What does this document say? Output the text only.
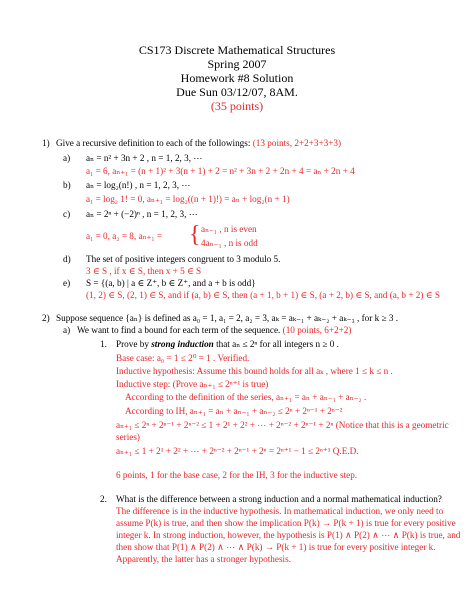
CS173 Discrete Mathematical Structures
Spring 2007
Homework #8 Solution
Due Sun 03/12/07, 8AM.
(35 points)
1) Give a recursive definition to each of the followings: (13 points, 2+2+3+3+3)
a) aₙ = n² + 3n + 2 , n = 1, 2, 3, ⋯
a₁ = 6, aₙ₊₁ = (n + 1)² + 3(n + 1) + 2 = n² + 3n + 2 + 2n + 4 = aₙ + 2n + 4
b) aₙ = log₂(n!) , n = 1, 2, 3, ⋯
a₁ = log₂ 1! = 0, aₙ₊₁ = log₂((n + 1)!) = aₙ + log₂(n + 1)
c) aₙ = 2ⁿ + (−2)ⁿ , n = 1, 2, 3, ⋯
a₁ = 0, a₂ = 8, aₙ₊₁ = { aₙ₋₁ , n is even
4aₙ₋₁ , n is odd
d) The set of positive integers congruent to 3 modulo 5.
3 ∈ S , if x ∈ S, then x + 5 ∈ S
e) S = {(a, b) | a ∈ Z⁺, b ∈ Z⁺, and a + b is odd}
(1, 2) ∈ S, (2, 1) ∈ S, and if (a, b) ∈ S, then (a + 1, b + 1) ∈ S, (a + 2, b) ∈ S, and (a, b + 2) ∈ S
2) Suppose sequence {aₙ} is defined as a₀ = 1, a₁ = 2, a₂ = 3, aₖ = aₖ₋₁ + aₖ₋₂ + aₖ₋₃ , for k ≥ 3 .
a) We want to find a bound for each term of the sequence. (10 points, 6+2+2)
1. Prove by strong induction that aₙ ≤ 2ⁿ for all integers n ≥ 0 .
Base case: a₀ = 1 ≤ 2⁰ = 1 . Verified.
Inductive hypothesis: Assume this bound holds for all aₖ , where 1 ≤ k ≤ n .
Inductive step: (Prove aₙ₊₁ ≤ 2ⁿ⁺¹ is true)
According to the definition of the series, aₙ₊₁ = aₙ + aₙ₋₁ + aₙ₋₂ .
According to IH, aₙ₊₁ = aₙ + aₙ₋₁ + aₙ₋₂ ≤ 2ⁿ + 2ⁿ⁻¹ + 2ⁿ⁻²
aₙ₊₁ ≤ 2ⁿ + 2ⁿ⁻¹ + 2ⁿ⁻² ≤ 1 + 2¹ + 2² + ⋯ + 2ⁿ⁻² + 2ⁿ⁻¹ + 2ⁿ (Notice that this is a geometric
series)
aₙ₊₁ ≤ 1 + 2¹ + 2² + ⋯ + 2ⁿ⁻² + 2ⁿ⁻¹ + 2ⁿ = 2ⁿ⁺¹ − 1 ≤ 2ⁿ⁺¹ Q.E.D.
6 points, 1 for the base case, 2 for the IH, 3 for the inductive step.
2. What is the difference between a strong induction and a normal mathematical induction?
The difference is in the inductive hypothesis. In mathematical induction, we only need to
assume P(k) is true, and then show the implication P(k) → P(k + 1) is true for every positive
integer k. In strong induction, however, the hypothesis is P(1) ∧ P(2) ∧ ⋯ ∧ P(k) is true, and
then show that P(1) ∧ P(2) ∧ ⋯ ∧ P(k) → P(k + 1) is true for every positive integer k.
Apparently, the latter has a stronger hypothesis.
